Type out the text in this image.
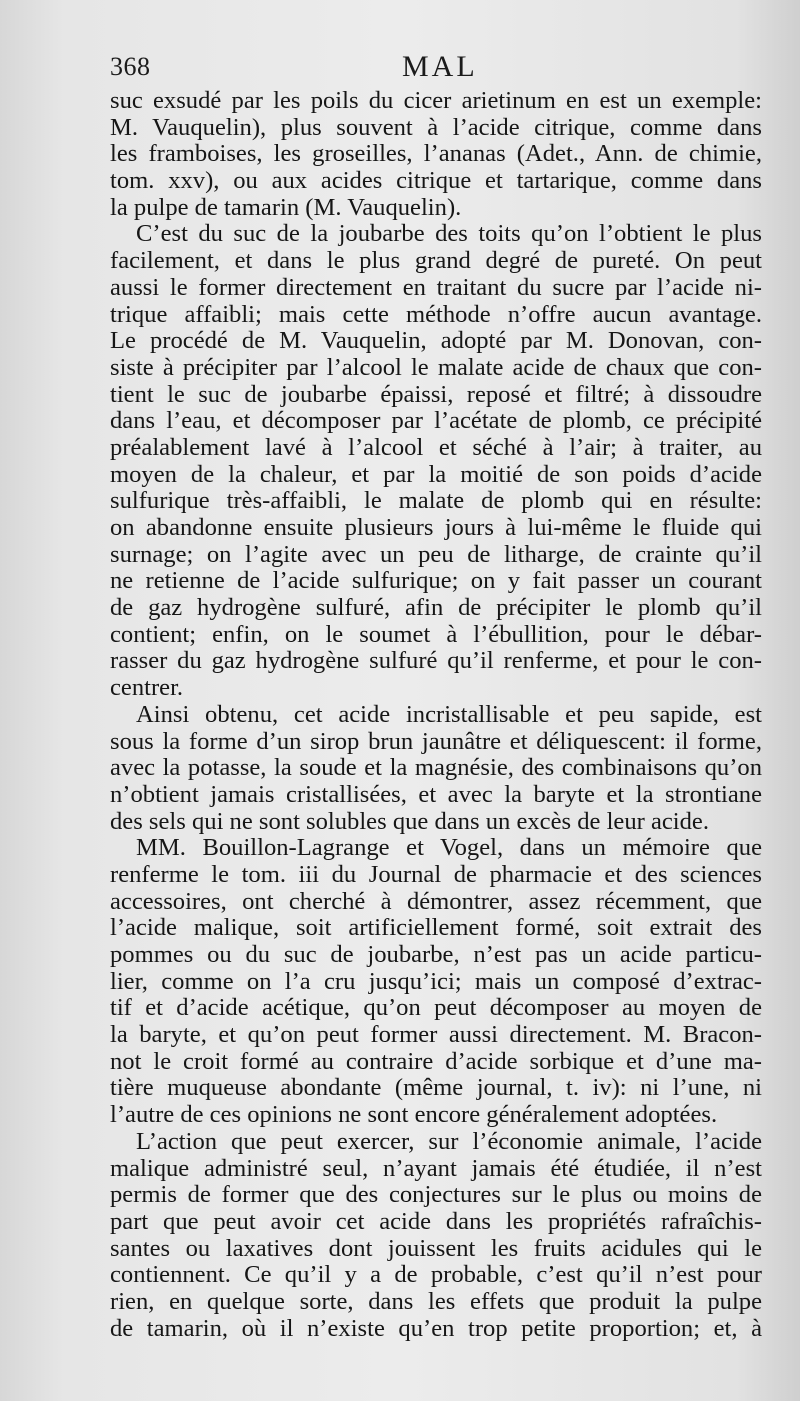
368	MAL
suc exsudé par les poils du cicer arietinum en est un exemple:
M. Vauquelin), plus souvent à l’acide citrique, comme dans
les framboises, les groseilles, l’ananas (Adet., Ann. de chimie,
tom. xxv), ou aux acides citrique et tartarique, comme dans
la pulpe de tamarin (M. Vauquelin).
C’est du suc de la joubarbe des toits qu’on l’obtient le plus
facilement, et dans le plus grand degré de pureté. On peut
aussi le former directement en traitant du sucre par l’acide ni-
trique affaibli; mais cette méthode n’offre aucun avantage.
Le procédé de M. Vauquelin, adopté par M. Donovan, con-
siste à précipiter par l’alcool le malate acide de chaux que con-
tient le suc de joubarbe épaissi, reposé et filtré; à dissoudre
dans l’eau, et décomposer par l’acétate de plomb, ce précipité
préalablement lavé à l’alcool et séché à l’air; à traiter, au
moyen de la chaleur, et par la moitié de son poids d’acide
sulfurique très-affaibli, le malate de plomb qui en résulte:
on abandonne ensuite plusieurs jours à lui-même le fluide qui
surnage; on l’agite avec un peu de litharge, de crainte qu’il
ne retienne de l’acide sulfurique; on y fait passer un courant
de gaz hydrogène sulfuré, afin de précipiter le plomb qu’il
contient; enfin, on le soumet à l’ébullition, pour le débar-
rasser du gaz hydrogène sulfuré qu’il renferme, et pour le con-
centrer.
Ainsi obtenu, cet acide incristallisable et peu sapide, est
sous la forme d’un sirop brun jaunâtre et déliquescent: il forme,
avec la potasse, la soude et la magnésie, des combinaisons qu’on
n’obtient jamais cristallisées, et avec la baryte et la strontiane
des sels qui ne sont solubles que dans un excès de leur acide.
MM. Bouillon-Lagrange et Vogel, dans un mémoire que
renferme le tom. iii du Journal de pharmacie et des sciences
accessoires, ont cherché à démontrer, assez récemment, que
l’acide malique, soit artificiellement formé, soit extrait des
pommes ou du suc de joubarbe, n’est pas un acide particu-
lier, comme on l’a cru jusqu’ici; mais un composé d’extrac-
tif et d’acide acétique, qu’on peut décomposer au moyen de
la baryte, et qu’on peut former aussi directement. M. Bracon-
not le croit formé au contraire d’acide sorbique et d’une ma-
tière muqueuse abondante (même journal, t. iv): ni l’une, ni
l’autre de ces opinions ne sont encore généralement adoptées.
L’action que peut exercer, sur l’économie animale, l’acide
malique administré seul, n’ayant jamais été étudiée, il n’est
permis de former que des conjectures sur le plus ou moins de
part que peut avoir cet acide dans les propriétés rafraîchis-
santes ou laxatives dont jouissent les fruits acidules qui le
contiennent. Ce qu’il y a de probable, c’est qu’il n’est pour
rien, en quelque sorte, dans les effets que produit la pulpe
de tamarin, où il n’existe qu’en trop petite proportion; et, à
